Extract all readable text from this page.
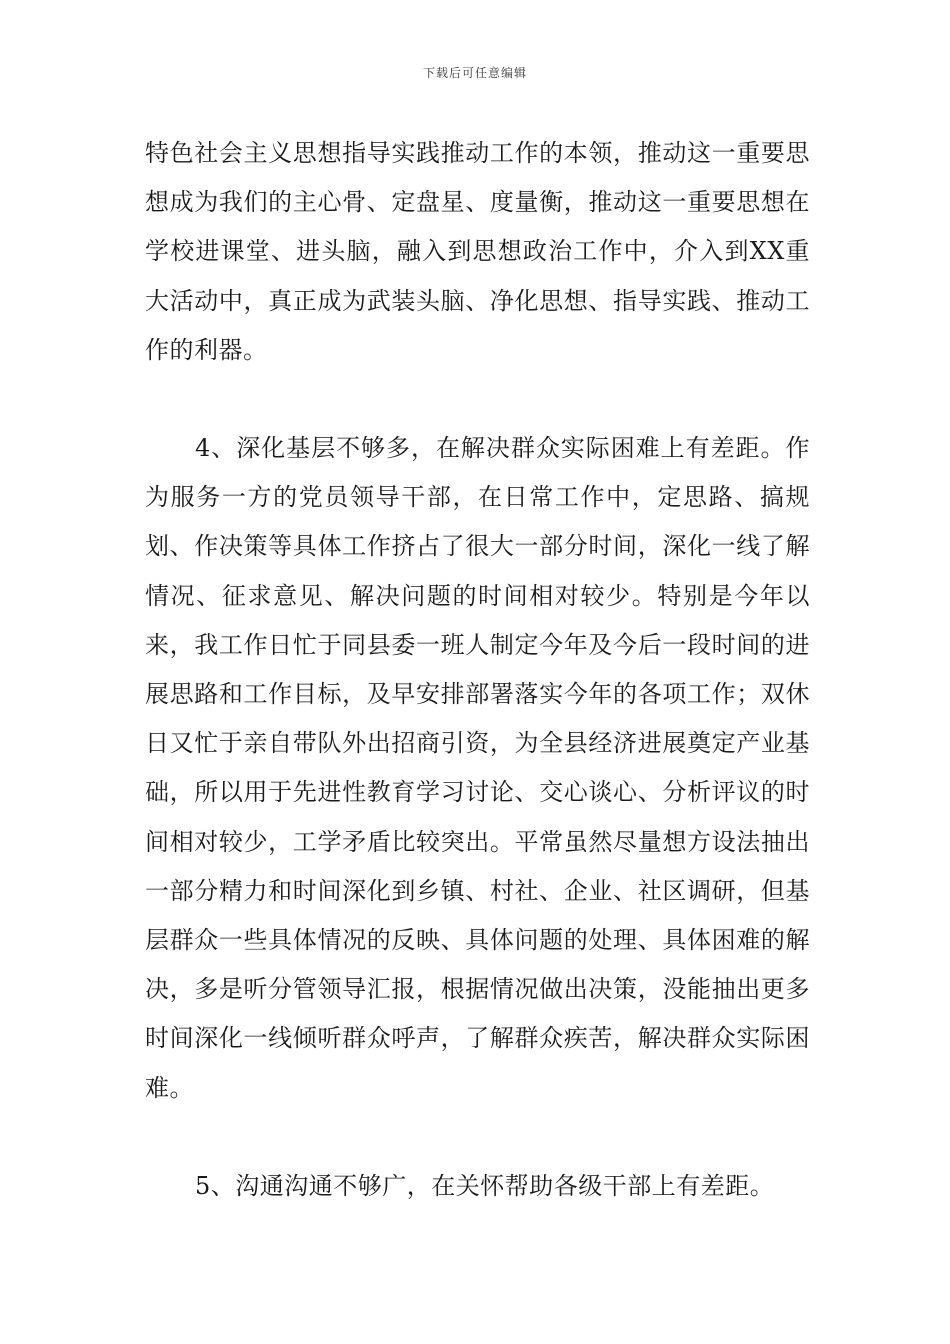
下载后可任意编辑

特色社会主义思想指导实践推动工作的本领，推动这一重要思想成为我们的主心骨、定盘星、度量衡，推动这一重要思想在学校进课堂、进头脑，融入到思想政治工作中，介入到XX重大活动中，真正成为武装头脑、净化思想、指导实践、推动工作的利器。

4、深化基层不够多，在解决群众实际困难上有差距。作为服务一方的党员领导干部，在日常工作中，定思路、搞规划、作决策等具体工作挤占了很大一部分时间，深化一线了解情况、征求意见、解决问题的时间相对较少。特别是今年以来，我工作日忙于同县委一班人制定今年及今后一段时间的进展思路和工作目标，及早安排部署落实今年的各项工作；双休日又忙于亲自带队外出招商引资，为全县经济进展奠定产业基础，所以用于先进性教育学习讨论、交心谈心、分析评议的时间相对较少，工学矛盾比较突出。平常虽然尽量想方设法抽出一部分精力和时间深化到乡镇、村社、企业、社区调研，但基层群众一些具体情况的反映、具体问题的处理、具体困难的解决，多是听分管领导汇报，根据情况做出决策，没能抽出更多时间深化一线倾听群众呼声，了解群众疾苦，解决群众实际困难。

5、沟通沟通不够广，在关怀帮助各级干部上有差距。
